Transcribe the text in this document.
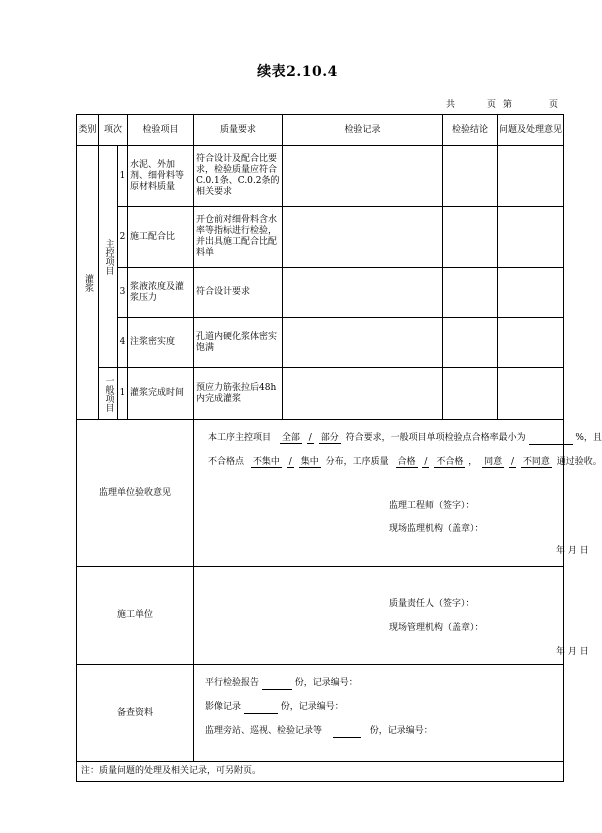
续表2.10.4
共	页 第	页
类别	项次		检验项目	质量要求	检验记录	检验结论	问题及处理意见

灌浆	主控项目	1	水泥、外加剂、细骨料等原材料质量	符合设计及配合比要求，检验质量应符合C.0.1条、C.0.2条的相关要求			
		2	施工配合比	开仓前对细骨料含水率等指标进行检验，并出具施工配合比配料单			
		3	浆液浓度及灌浆压力	符合设计要求			
		4	注浆密实度	孔道内硬化浆体密实饱满			

	一般项目	1	灌浆完成时间	预应力筋张拉后48h内完成灌浆			
监理单位验收意见				本工序主控项目 全部 / 部分 符合要求，一般项目单项检验点合格率最小为 %，且
不合格点 不集中 / 集中 分布，工序质量 合格 / 不合格 ， 同意 / 不同意 通过验收。
监理工程师（签字）：
现场监理机构（盖章）：
年 月 日			

施工单位				质量责任人（签字）：
现场管理机构（盖章）：
年 月 日			

备查资料				平行检验报告 份，记录编号：
影像记录 份，记录编号：
监理旁站、巡视、检验记录等 份，记录编号：			

注：质量问题的处理及相关记录，可另附页。							
